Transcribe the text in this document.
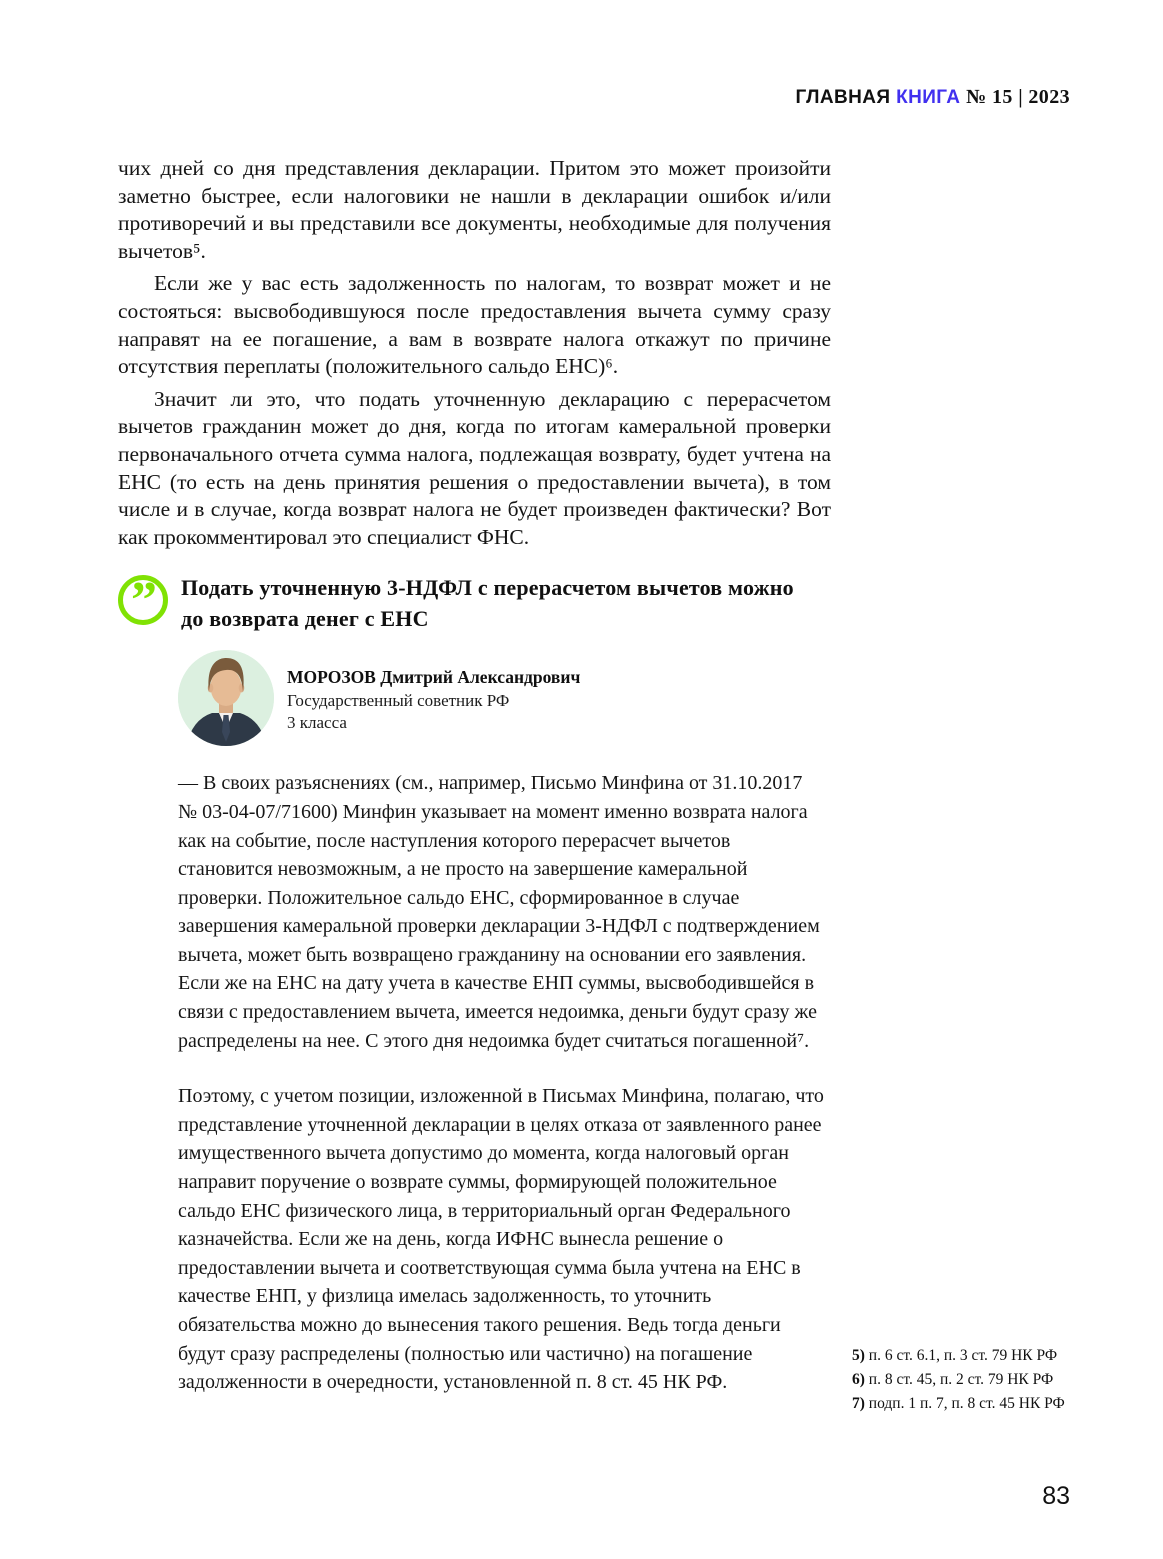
ГЛАВНАЯ КНИГА № 15 | 2023

чих дней со дня представления декларации. Притом это может произойти заметно быстрее, если налоговики не нашли в декларации ошибок и/или противоречий и вы представили все документы, необходимые для получения вычетов⁵.

Если же у вас есть задолженность по налогам, то возврат может и не состояться: высвободившуюся после предоставления вычета сумму сразу направят на ее погашение, а вам в возврате налога откажут по причине отсутствия переплаты (положительного сальдо ЕНС)⁶.

Значит ли это, что подать уточненную декларацию с перерасчетом вычетов гражданин может до дня, когда по итогам камеральной проверки первоначального отчета сумма налога, подлежащая возврату, будет учтена на ЕНС (то есть на день принятия решения о предоставлении вычета), в том числе и в случае, когда возврат налога не будет произведен фактически? Вот как прокомментировал это специалист ФНС.

”	Подать уточненную 3-НДФЛ с перерасчетом вычетов можно до возврата денег с ЕНС
МОРОЗОВ Дмитрий Александрович
Государственный советник РФ
3 класса

— В своих разъяснениях (см., например, Письмо Минфина от 31.10.2017 № 03-04-07/71600) Минфин указывает на момент именно возврата налога как на событие, после наступления которого перерасчет вычетов становится невозможным, а не просто на завершение камеральной проверки. Положительное сальдо ЕНС, сформированное в случае завершения камеральной проверки декларации 3-НДФЛ с подтверждением вычета, может быть возвращено гражданину на основании его заявления. Если же на ЕНС на дату учета в качестве ЕНП суммы, высвободившейся в связи с предоставлением вычета, имеется недоимка, деньги будут сразу же распределены на нее. С этого дня недоимка будет считаться погашенной⁷.

Поэтому, с учетом позиции, изложенной в Письмах Минфина, полагаю, что представление уточненной декларации в целях отказа от заявленного ранее имущественного вычета допустимо до момента, когда налоговый орган направит поручение о возврате суммы, формирующей положительное сальдо ЕНС физического лица, в территориальный орган Федерального казначейства. Если же на день, когда ИФНС вынесла решение о предоставлении вычета и соответствующая сумма была учтена на ЕНС в качестве ЕНП, у физлица имелась задолженность, то уточнить обязательства можно до вынесения такого решения. Ведь тогда деньги будут сразу распределены (полностью или частично) на погашение задолженности в очередности, установленной п. 8 ст. 45 НК РФ.

5) п. 6 ст. 6.1, п. 3 ст. 79 НК РФ
6) п. 8 ст. 45, п. 2 ст. 79 НК РФ
7) подп. 1 п. 7, п. 8 ст. 45 НК РФ
83
